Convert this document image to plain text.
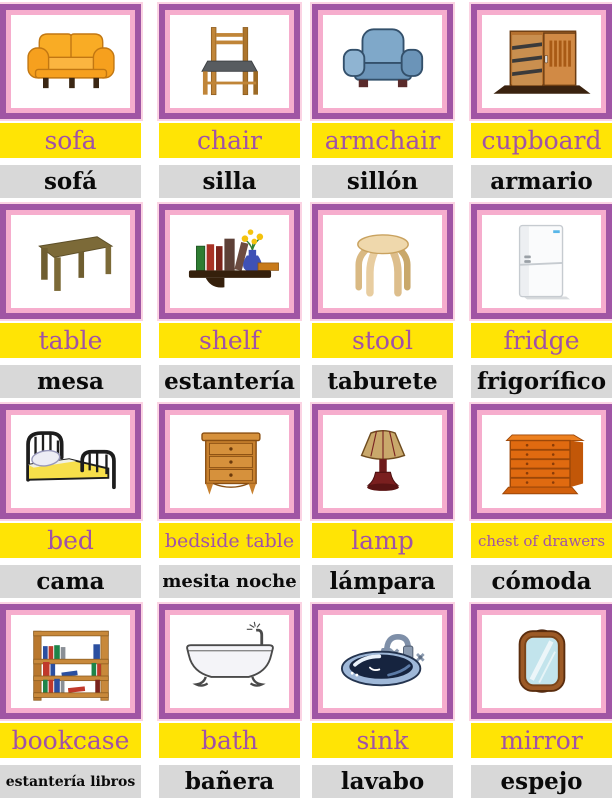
sofa
sofá
chair
silla
armchair
sillón
cupboard
armario
table
mesa
shelf
estantería
stool
taburete
fridge
frigorífico
bed
cama
bedside table
mesita noche
lamp
lámpara
chest of drawers
cómoda
bookcase
estantería libros
bath
bañera
sink
lavabo
mirror
espejo
